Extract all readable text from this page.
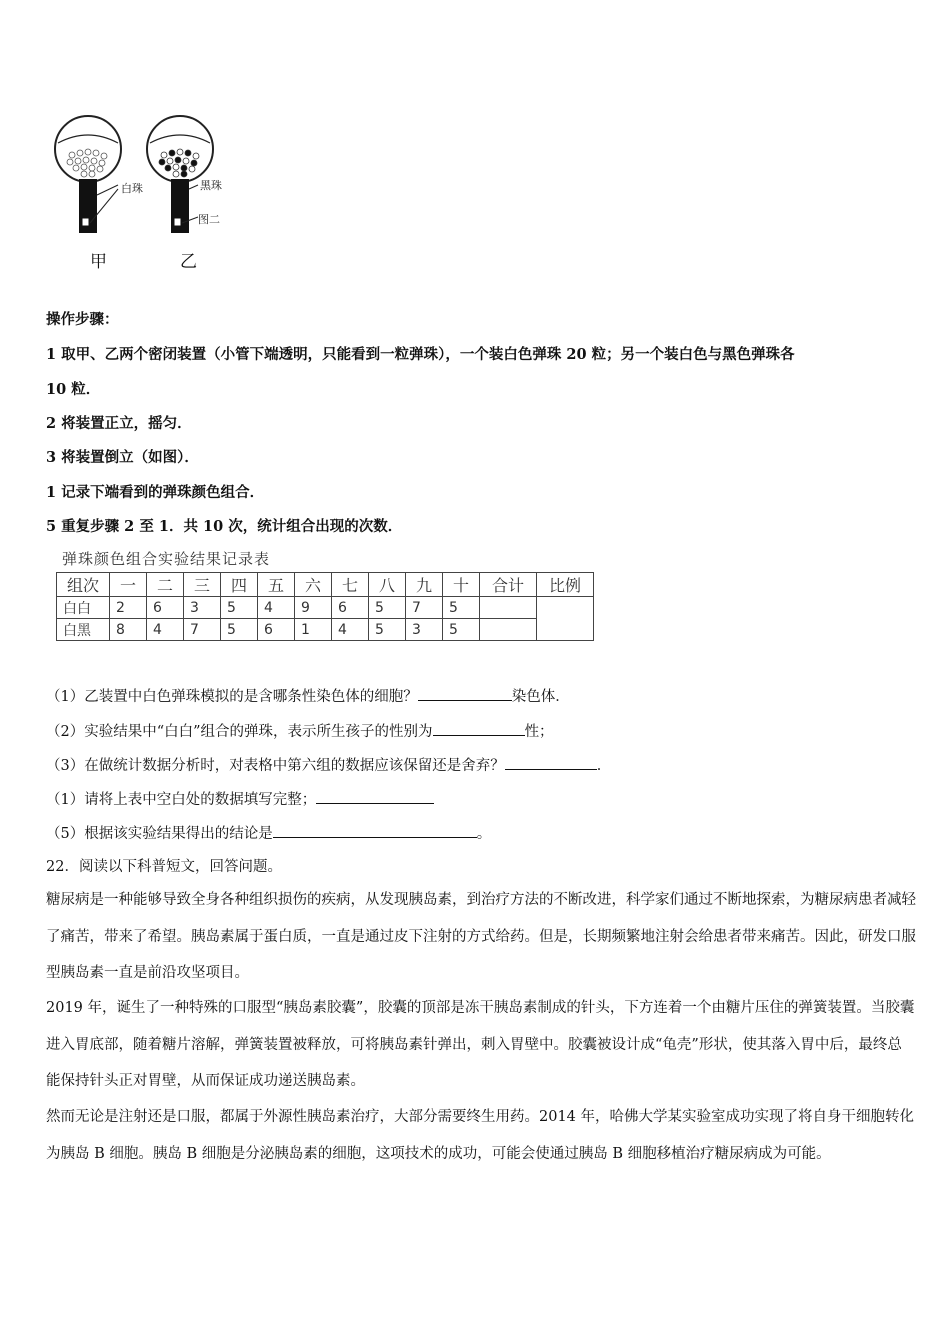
白珠	黑珠
图二
甲	乙
操作步骤：
1 取甲、乙两个密闭装置（小管下端透明，只能看到一粒弹珠），一个装白色弹珠 20 粒；另一个装白色与黑色弹珠各
10 粒．
2 将装置正立，摇匀．
3 将装置倒立（如图）．
1 记录下端看到的弹珠颜色组合．
5 重复步骤 2 至 1．共 10 次，统计组合出现的次数．
弹珠颜色组合实验结果记录表
组次	一	二	三	四	五	六	七	八	九	十	合计	比例
白白	2	6	3	5	4	9	6	5	7	5		
白黑	8	4	7	5	6	1	4	5	3	5		
（1）乙装置中白色弹珠模拟的是含哪条性染色体的细胞？	染色体．
（2）实验结果中“白白”组合的弹珠，表示所生孩子的性别为	性；
（3）在做统计数据分析时，对表格中第六组的数据应该保留还是舍弃？	．
（1）请将上表中空白处的数据填写完整；
（5）根据该实验结果得出的结论是	。
22．阅读以下科普短文，回答问题。
糖尿病是一种能够导致全身各种组织损伤的疾病，从发现胰岛素，到治疗方法的不断改进，科学家们通过不断地探索，为糖尿病患者减轻了痛苦，带来了希望。胰岛素属于蛋白质，一直是通过皮下注射的方式给药。但是，长期频繁地注射会给患者带来痛苦。因此，研发口服型胰岛素一直是前沿攻坚项目。
2019 年，诞生了一种特殊的口服型“胰岛素胶囊”，胶囊的顶部是冻干胰岛素制成的针头，下方连着一个由糖片压住的弹簧装置。当胶囊进入胃底部，随着糖片溶解，弹簧装置被释放，可将胰岛素针弹出，刺入胃壁中。胶囊被设计成“龟壳”形状，使其落入胃中后，最终总能保持针头正对胃壁，从而保证成功递送胰岛素。
然而无论是注射还是口服，都属于外源性胰岛素治疗，大部分需要终生用药。2014 年，哈佛大学某实验室成功实现了将自身干细胞转化为胰岛 B 细胞。胰岛 B 细胞是分泌胰岛素的细胞，这项技术的成功，可能会使通过胰岛 B 细胞移植治疗糖尿病成为可能。
